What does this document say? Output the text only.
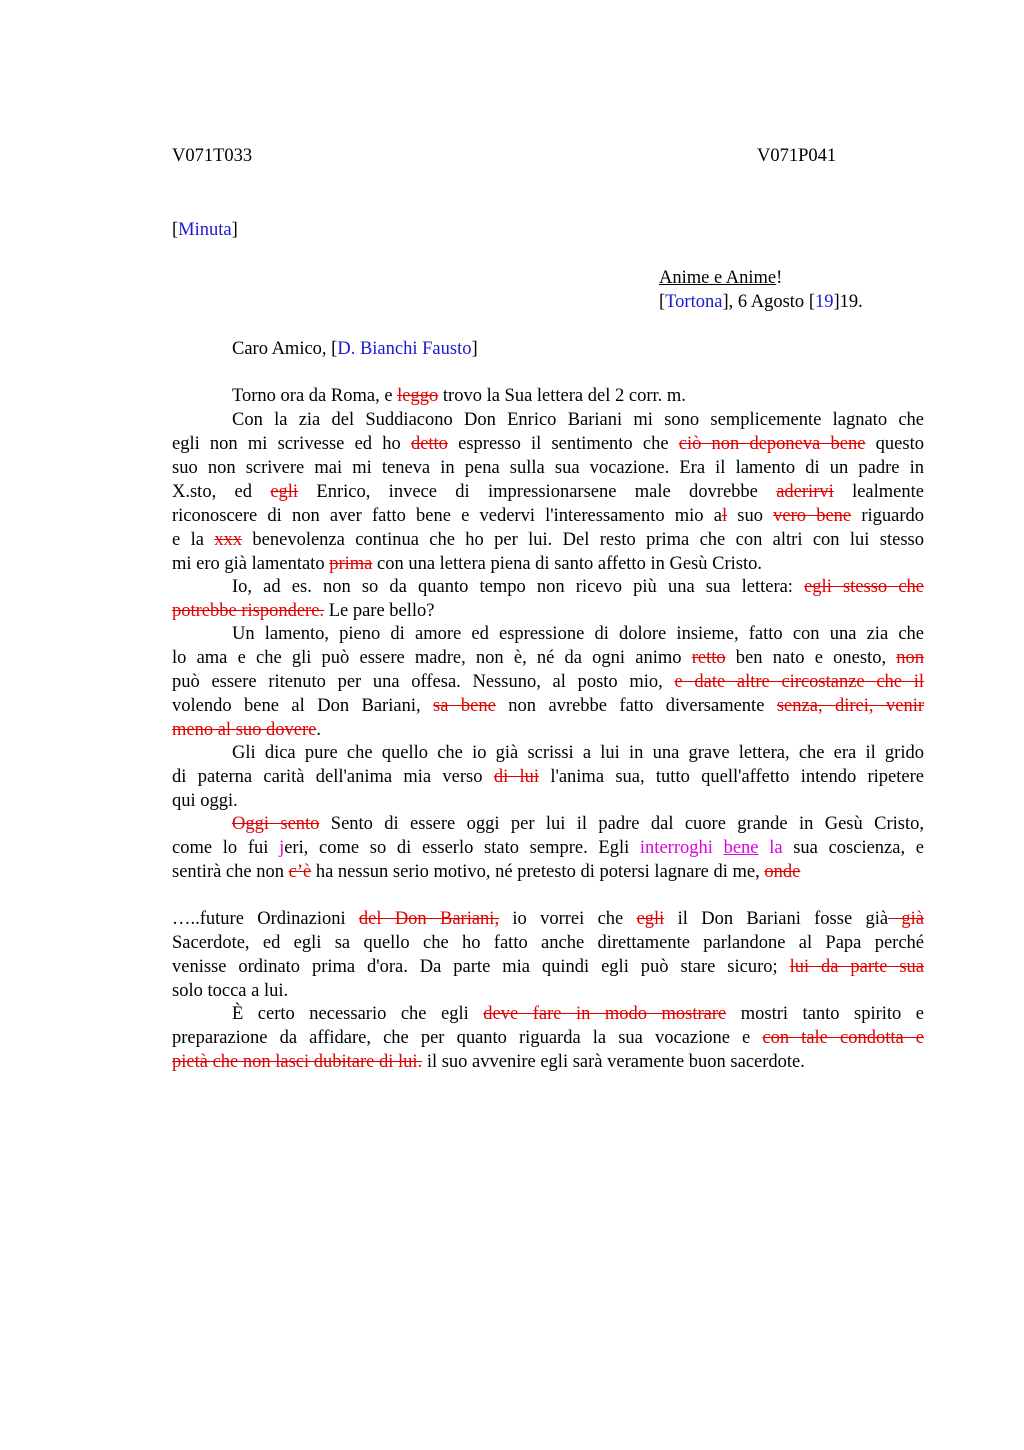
V071T033	V071P041
[Minuta]
Anime e Anime!
[Tortona], 6 Agosto [19]19.
Caro Amico, [D. Bianchi Fausto]
Torno ora da Roma, e leggo trovo la Sua lettera del 2 corr. m.
Con la zia del Suddiacono Don Enrico Bariani mi sono semplicemente lagnato che
egli non mi scrivesse ed ho detto espresso il sentimento che ciò non deponeva bene questo
suo non scrivere mai mi teneva in pena sulla sua vocazione. Era il lamento di un padre in
X.sto, ed egli Enrico, invece di impressionarsene male dovrebbe aderirvi lealmente
riconoscere di non aver fatto bene e vedervi l'interessamento mio al suo vero bene riguardo
e la xxx benevolenza continua che ho per lui. Del resto prima che con altri con lui stesso
mi ero già lamentato prima con una lettera piena di santo affetto in Gesù Cristo.
Io, ad es. non so da quanto tempo non ricevo più una sua lettera: egli stesso che
potrebbe rispondere. Le pare bello?
Un lamento, pieno di amore ed espressione di dolore insieme, fatto con una zia che
lo ama e che gli può essere madre, non è, né da ogni animo retto ben nato e onesto, non
può essere ritenuto per una offesa. Nessuno, al posto mio, e date altre circostanze che il
volendo bene al Don Bariani, sa bene non avrebbe fatto diversamente senza, direi, venir
meno al suo dovere.
Gli dica pure che quello che io già scrissi a lui in una grave lettera, che era il grido
di paterna carità dell'anima mia verso di lui l'anima sua, tutto quell'affetto intendo ripetere
qui oggi.
Oggi sento Sento di essere oggi per lui il padre dal cuore grande in Gesù Cristo,
come lo fui jeri, come so di esserlo stato sempre. Egli interroghi bene la sua coscienza, e
sentirà che non c’è ha nessun serio motivo, né pretesto di potersi lagnare di me, onde
…..future Ordinazioni del Don Bariani, io vorrei che egli il Don Bariani fosse già già
Sacerdote, ed egli sa quello che ho fatto anche direttamente parlandone al Papa perché
venisse ordinato prima d'ora. Da parte mia quindi egli può stare sicuro; lui da parte sua
solo tocca a lui.
È certo necessario che egli deve fare in modo mostrare mostri tanto spirito e
preparazione da affidare, che per quanto riguarda la sua vocazione e con tale condotta e
pietà che non lasci dubitare di lui. il suo avvenire egli sarà veramente buon sacerdote.
